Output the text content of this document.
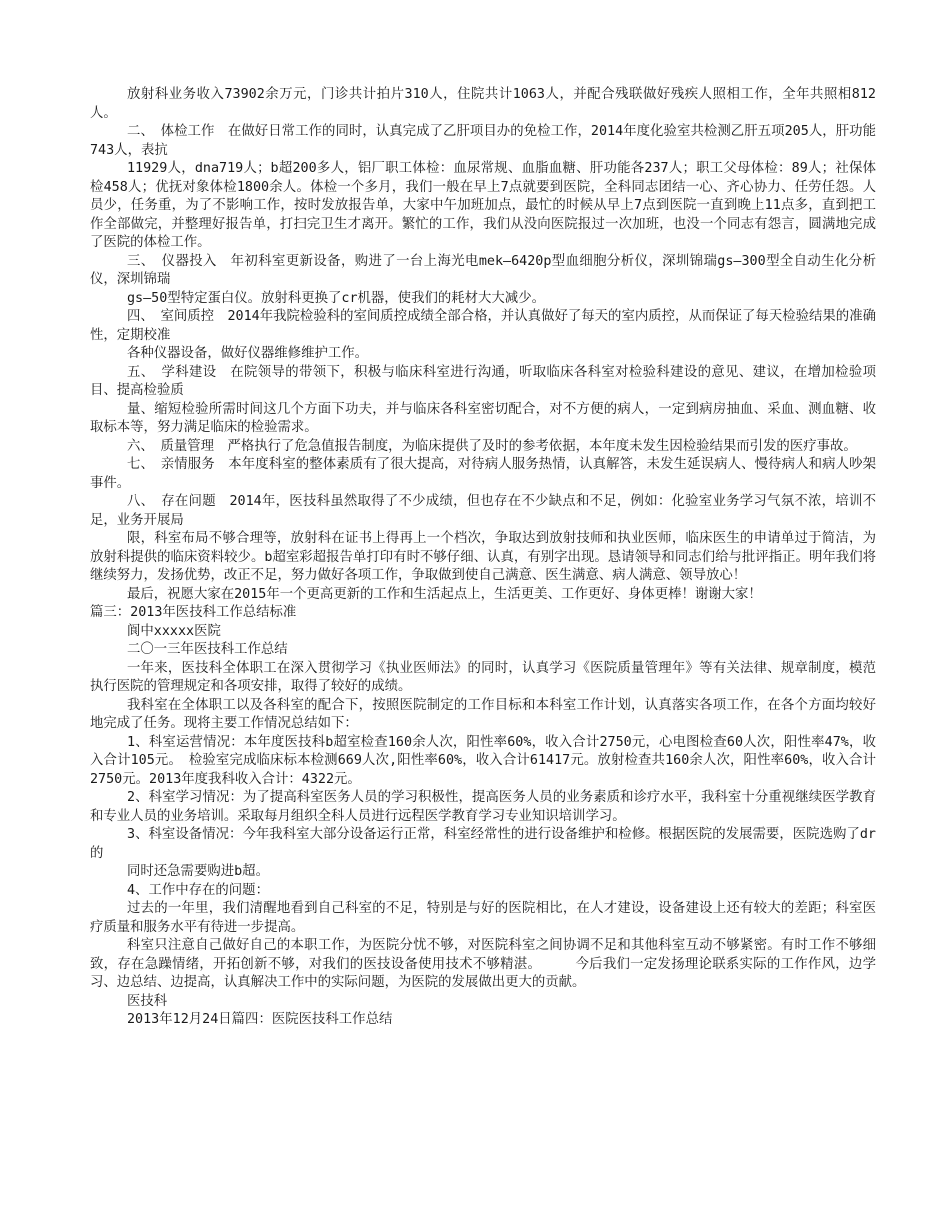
放射科业务收入73902余万元，门诊共计拍片310人，住院共计1063人，并配合残联做好残疾人照相工作，全年共照相812人。

二、　体检工作　在做好日常工作的同时，认真完成了乙肝项目办的免检工作，2014年度化验室共检测乙肝五项205人，肝功能743人，表抗

11929人，dna719人；b超200多人，铝厂职工体检：血尿常规、血脂血糖、肝功能各237人；职工父母体检：89人；社保体检458人；优抚对象体检1800余人。体检一个多月，我们一般在早上7点就要到医院，全科同志团结一心、齐心协力、任劳任怨。人员少，任务重，为了不影响工作，按时发放报告单，大家中午加班加点，最忙的时候从早上7点到医院一直到晚上11点多，直到把工作全部做完，并整理好报告单，打扫完卫生才离开。繁忙的工作，我们从没向医院报过一次加班，也没一个同志有怨言，圆满地完成了医院的体检工作。

三、　仪器投入　年初科室更新设备，购进了一台上海光电mek—6420p型血细胞分析仪，深圳锦瑞gs—300型全自动生化分析仪，深圳锦瑞

gs—50型特定蛋白仪。放射科更换了cr机器，使我们的耗材大大减少。

四、　室间质控　2014年我院检验科的室间质控成绩全部合格，并认真做好了每天的室内质控，从而保证了每天检验结果的准确性，定期校准

各种仪器设备，做好仪器维修维护工作。

五、　学科建设　在院领导的带领下，积极与临床科室进行沟通，听取临床各科室对检验科建设的意见、建议，在增加检验项目、提高检验质

量、缩短检验所需时间这几个方面下功夫，并与临床各科室密切配合，对不方便的病人，一定到病房抽血、采血、测血糖、收取标本等，努力满足临床的检验需求。

六、　质量管理　严格执行了危急值报告制度，为临床提供了及时的参考依据，本年度未发生因检验结果而引发的医疗事故。

七、　亲情服务　本年度科室的整体素质有了很大提高，对待病人服务热情，认真解答，未发生延误病人、慢待病人和病人吵架事件。

八、　存在问题　2014年，医技科虽然取得了不少成绩，但也存在不少缺点和不足，例如：化验室业务学习气氛不浓，培训不足，业务开展局

限，科室布局不够合理等，放射科在证书上得再上一个档次，争取达到放射技师和执业医师，临床医生的申请单过于简洁，为放射科提供的临床资料较少。b超室彩超报告单打印有时不够仔细、认真，有别字出现。恳请领导和同志们给与批评指正。明年我们将继续努力，发扬优势，改正不足，努力做好各项工作，争取做到使自己满意、医生满意、病人满意、领导放心！

最后，祝愿大家在2015年一个更高更新的工作和生活起点上，生活更美、工作更好、身体更棒！谢谢大家！

篇三：2013年医技科工作总结标准

阆中xxxxx医院

二〇一三年医技科工作总结

一年来，医技科全体职工在深入贯彻学习《执业医师法》的同时，认真学习《医院质量管理年》等有关法律、规章制度，模范执行医院的管理规定和各项安排，取得了较好的成绩。

我科室在全体职工以及各科室的配合下，按照医院制定的工作目标和本科室工作计划，认真落实各项工作，在各个方面均较好地完成了任务。现将主要工作情况总结如下：

1、科室运营情况：本年度医技科b超室检查160余人次，阳性率60%，收入合计2750元，心电图检查60人次，阳性率47%，收入合计105元。　检验室完成临床标本检测669人次,阳性率60%，收入合计61417元。放射检查共160余人次，阳性率60%，收入合计2750元。2013年度我科收入合计：4322元。

2、科室学习情况：为了提高科室医务人员的学习积极性，提高医务人员的业务素质和诊疗水平，我科室十分重视继续医学教育和专业人员的业务培训。采取每月组织全科人员进行远程医学教育学习专业知识培训学习。

3、科室设备情况：今年我科室大部分设备运行正常，科室经常性的进行设备维护和检修。根据医院的发展需要，医院选购了dr的

同时还急需要购进b超。

4、工作中存在的问题：

过去的一年里，我们清醒地看到自己科室的不足，特别是与好的医院相比，在人才建设，设备建设上还有较大的差距；科室医疗质量和服务水平有待进一步提高。

科室只注意自己做好自己的本职工作，为医院分忧不够，对医院科室之间协调不足和其他科室互动不够紧密。有时工作不够细致，存在急躁情绪，开拓创新不够，对我们的医技设备使用技术不够精湛。　　　今后我们一定发扬理论联系实际的工作作风，边学习、边总结、边提高，认真解决工作中的实际问题，为医院的发展做出更大的贡献。

医技科

2013年12月24日篇四：医院医技科工作总结
